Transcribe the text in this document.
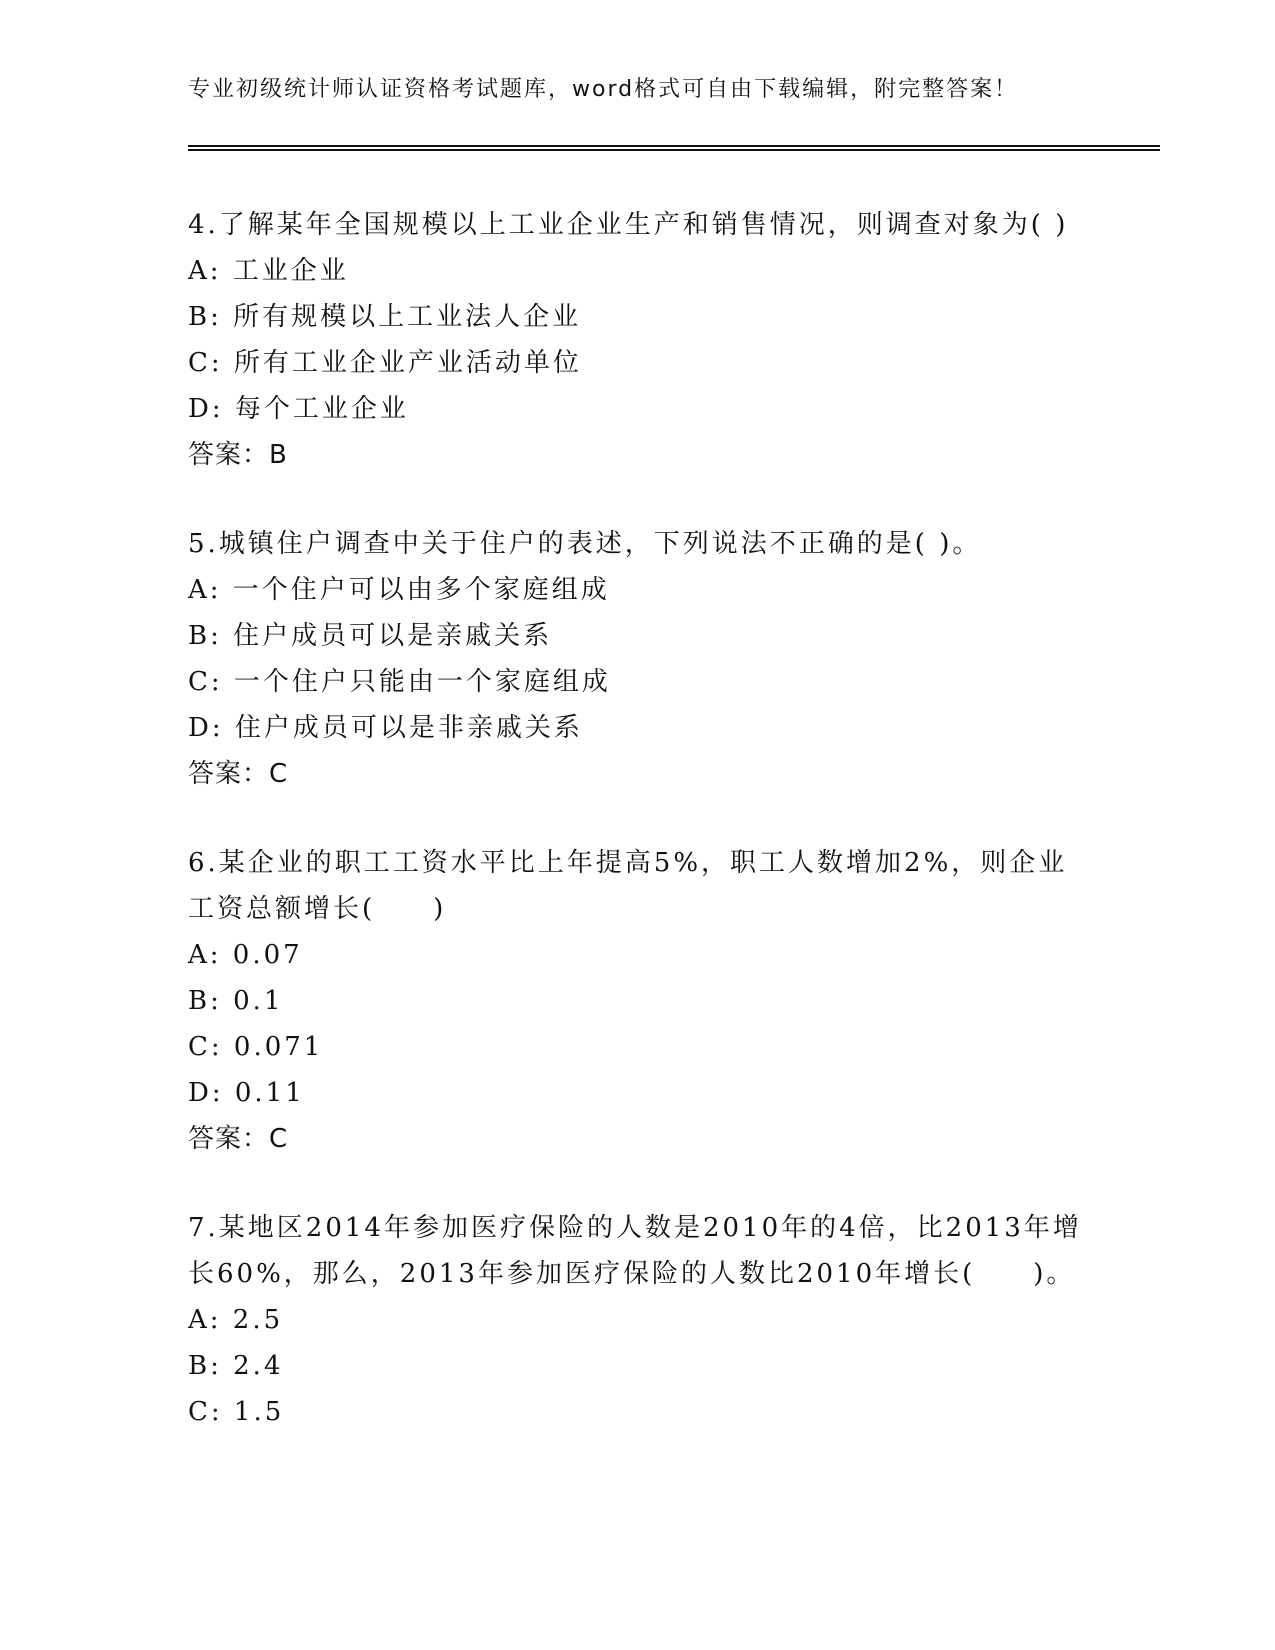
专业初级统计师认证资格考试题库，word格式可自由下载编辑，附完整答案！

4.了解某年全国规模以上工业企业生产和销售情况，则调查对象为( )

A: 工业企业

B: 所有规模以上工业法人企业

C: 所有工业企业产业活动单位

D: 每个工业企业

答案：B

5.城镇住户调查中关于住户的表述，下列说法不正确的是( )。

A: 一个住户可以由多个家庭组成

B: 住户成员可以是亲戚关系

C: 一个住户只能由一个家庭组成

D: 住户成员可以是非亲戚关系

答案：C

6.某企业的职工工资水平比上年提高5%，职工人数增加2%，则企业工资总额增长(　　)

A: 0.07

B: 0.1

C: 0.071

D: 0.11

答案：C

7.某地区2014年参加医疗保险的人数是2010年的4倍，比2013年增长60%，那么，2013年参加医疗保险的人数比2010年增长(　　)。

A: 2.5

B: 2.4

C: 1.5
